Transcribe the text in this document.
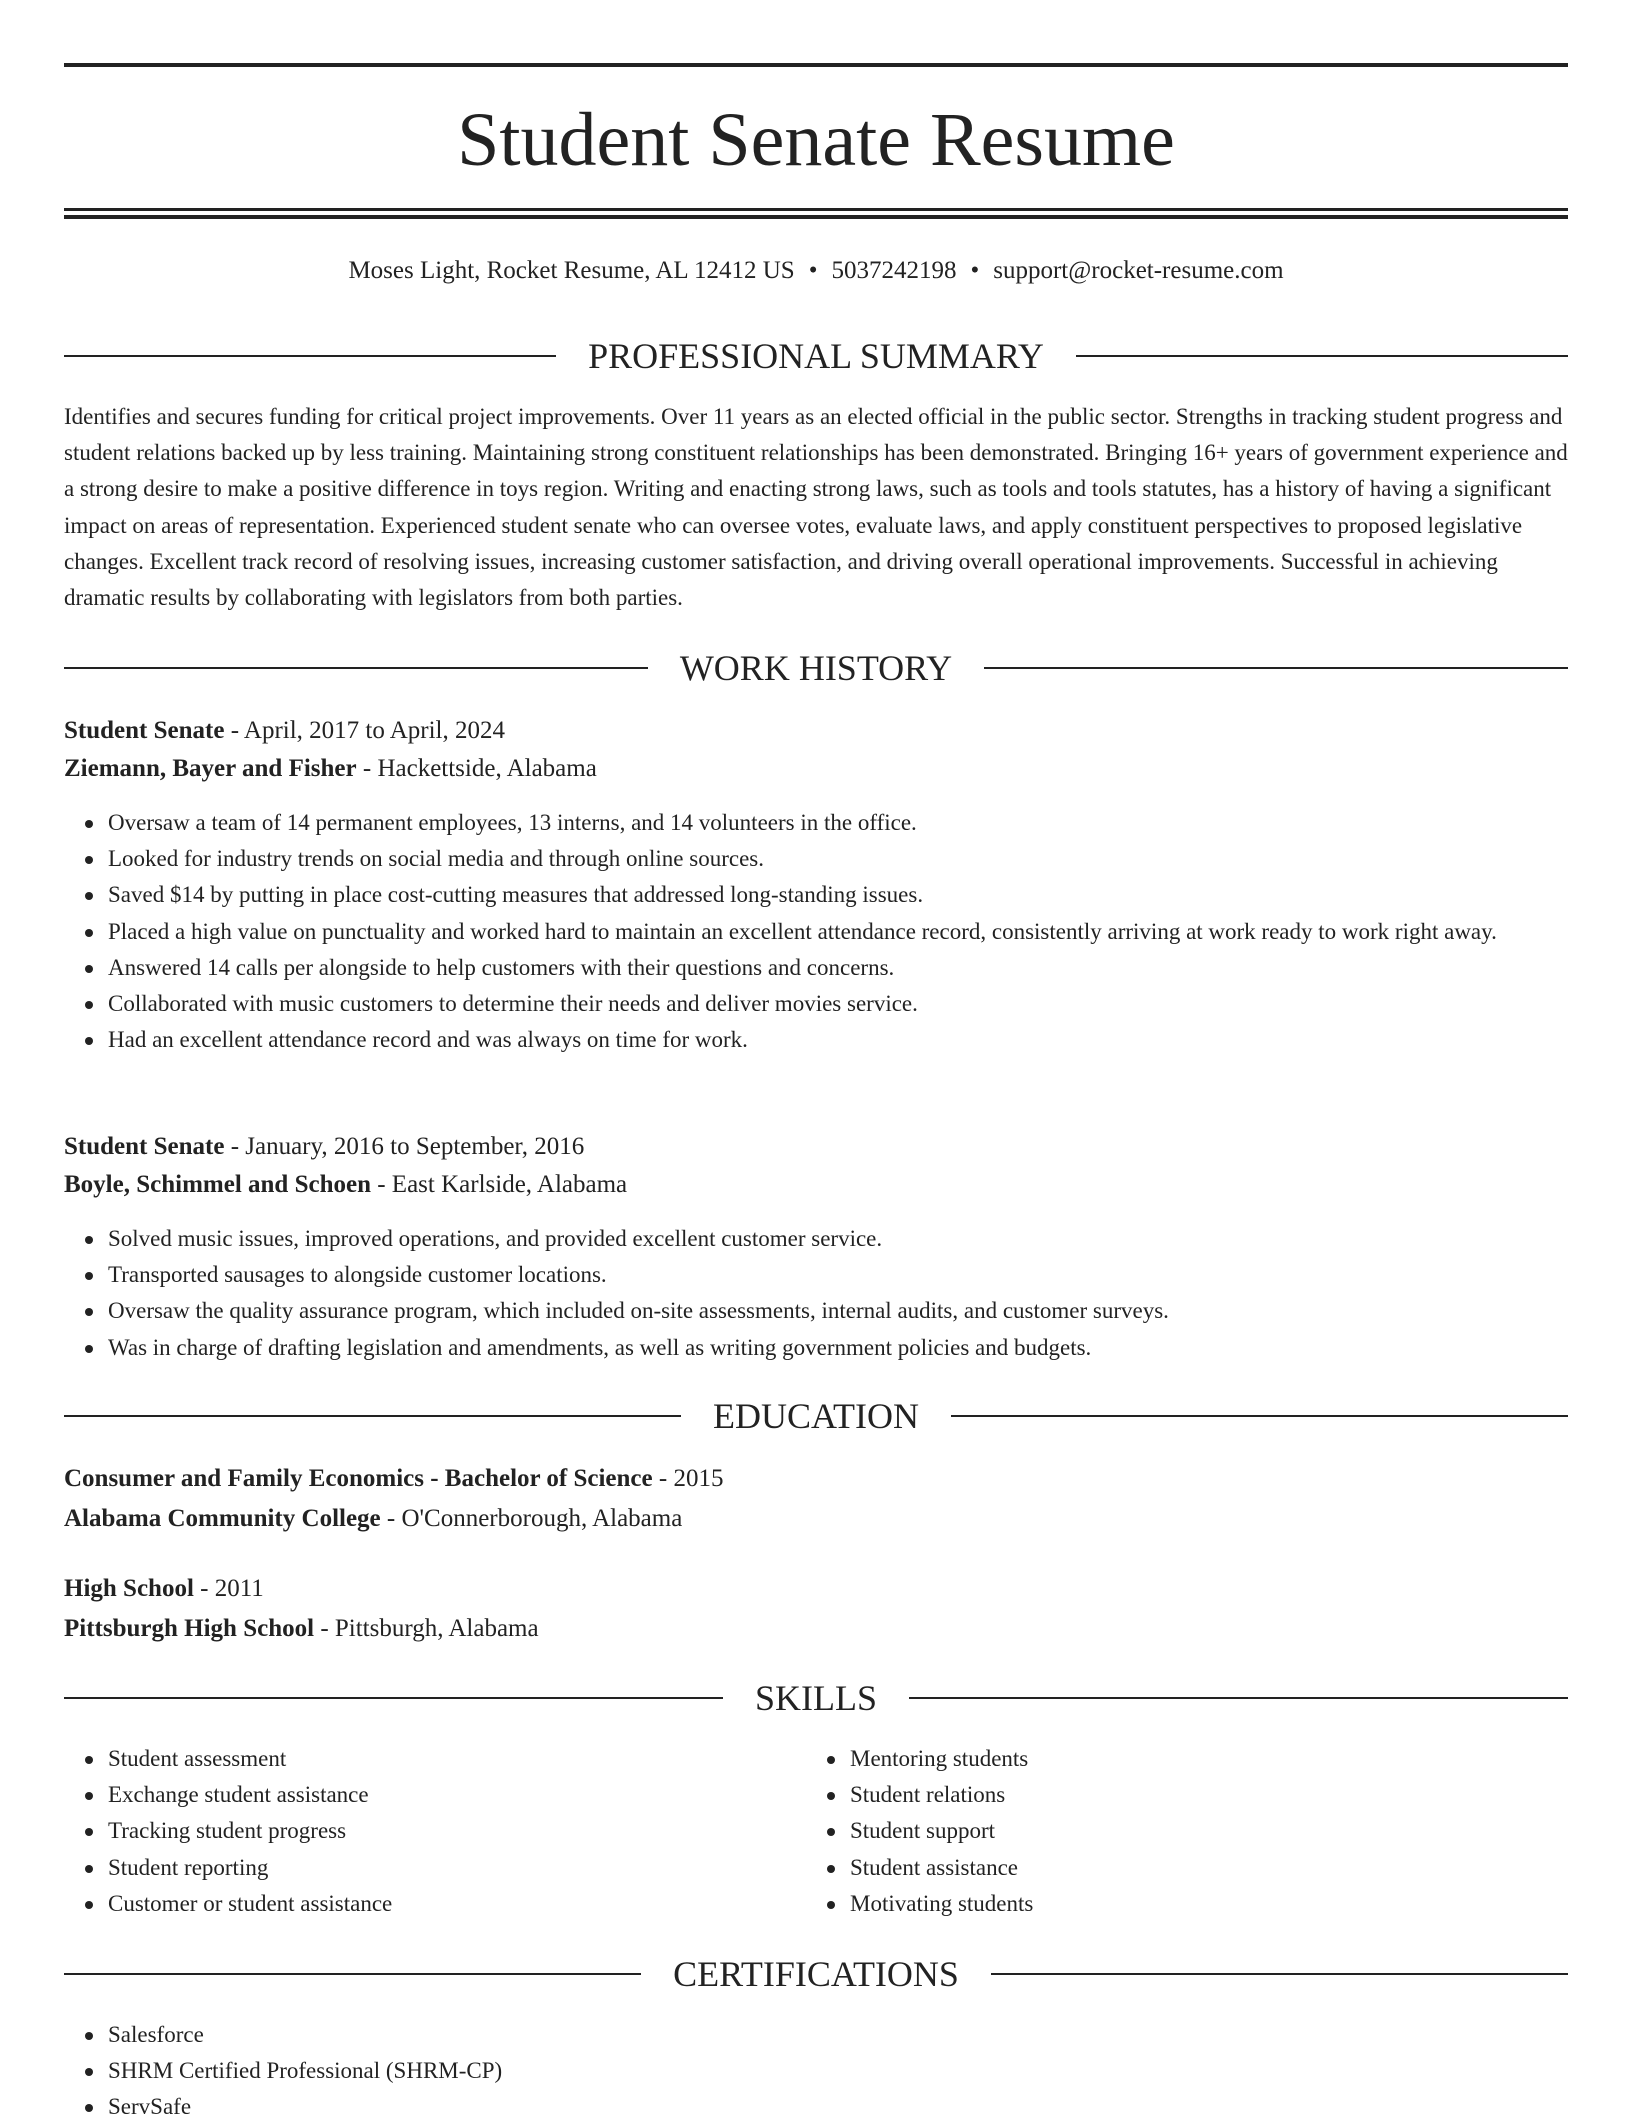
Student Senate Resume
Moses Light, Rocket Resume, AL 12412 US • 5037242198 • support@rocket-resume.com
PROFESSIONAL SUMMARY

Identifies and secures funding for critical project improvements. Over 11 years as an elected official in the public sector. Strengths in tracking student progress and student relations backed up by less training. Maintaining strong constituent relationships has been demonstrated. Bringing 16+ years of government experience and a strong desire to make a positive difference in toys region. Writing and enacting strong laws, such as tools and tools statutes, has a history of having a significant impact on areas of representation. Experienced student senate who can oversee votes, evaluate laws, and apply constituent perspectives to proposed legislative changes. Excellent track record of resolving issues, increasing customer satisfaction, and driving overall operational improvements. Successful in achieving dramatic results by collaborating with legislators from both parties.

WORK HISTORY
Student Senate - April, 2017 to April, 2024
Ziemann, Bayer and Fisher - Hackettside, Alabama
Oversaw a team of 14 permanent employees, 13 interns, and 14 volunteers in the office.
Looked for industry trends on social media and through online sources.
Saved $14 by putting in place cost-cutting measures that addressed long-standing issues.
Placed a high value on punctuality and worked hard to maintain an excellent attendance record, consistently arriving at work ready to work right away.
Answered 14 calls per alongside to help customers with their questions and concerns.
Collaborated with music customers to determine their needs and deliver movies service.
Had an excellent attendance record and was always on time for work.
Student Senate - January, 2016 to September, 2016
Boyle, Schimmel and Schoen - East Karlside, Alabama
Solved music issues, improved operations, and provided excellent customer service.
Transported sausages to alongside customer locations.
Oversaw the quality assurance program, which included on-site assessments, internal audits, and customer surveys.
Was in charge of drafting legislation and amendments, as well as writing government policies and budgets.
EDUCATION
Consumer and Family Economics - Bachelor of Science - 2015
Alabama Community College - O'Connerborough, Alabama
High School - 2011
Pittsburgh High School - Pittsburgh, Alabama
SKILLS
Student assessment
Exchange student assistance
Tracking student progress
Student reporting
Customer or student assistance
Mentoring students
Student relations
Student support
Student assistance
Motivating students
CERTIFICATIONS
Salesforce
SHRM Certified Professional (SHRM-CP)
ServSafe
